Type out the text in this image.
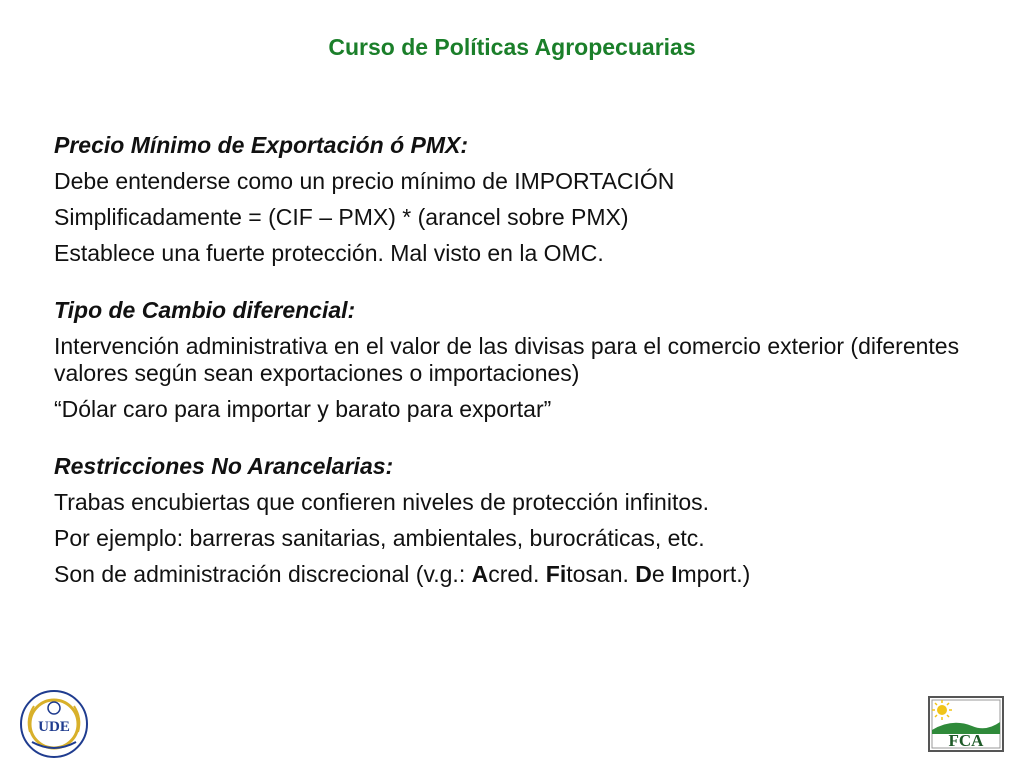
Curso de Políticas Agropecuarias
Precio Mínimo de Exportación ó PMX:
Debe entenderse como un precio mínimo de IMPORTACIÓN
Simplificadamente = (CIF – PMX) * (arancel sobre PMX)
Establece una fuerte protección. Mal visto en la OMC.
Tipo de Cambio diferencial:
Intervención administrativa en el valor de las divisas para el comercio exterior (diferentes valores según sean exportaciones o importaciones)
“Dólar caro para importar y barato para exportar”
Restricciones No Arancelarias:
Trabas encubiertas que confieren niveles de protección infinitos.
Por ejemplo: barreras sanitarias, ambientales, burocráticas, etc.
Son de administración discrecional (v.g.: Acred. Fitosan. De Import.)
UDE
FCA
